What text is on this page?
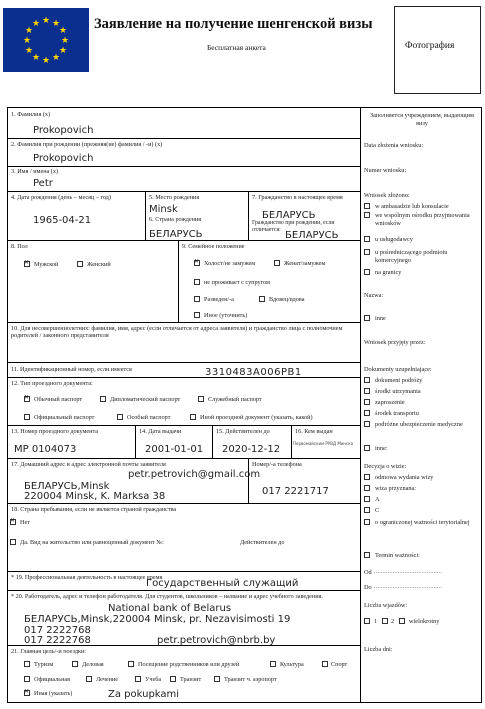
★ ★
★
★
★
★
★
★
★
★
★
★	Заявление на получение шенгенской визы
Бесплатная анкета	Фотография
1. Фамилия (x)
Prokopovich
2. Фамилия при рождении (прежняя(ие) фамилия / -и) (x)
Prokopovich
3. Имя / имена (x)
Petr
4. Дата рождения (день – месяц – год)
1965-04-21
5. Место рождения
Minsk
6. Страна рождения
БЕЛАРУСЬ
7. Гражданство в настоящее время
БЕЛАРУСЬ
Гражданство при рождении, если отличается:
БЕЛАРУСЬ
8. Пол
✕
Мужской	Женский
9. Семейное положение
✕
Холост/не замужем	Женат/замужем
не проживает с супругом
Разведен/-а	Вдовец/вдова
Иное (уточнить)
10. Для несовершеннолетних: фамилия, имя, адрес (если отличается от адреса заявителя) и гражданство лица с полномочием родителей / законного представителя
11. Идентификационный номер, если имеется	3310483A006PB1
12. Тип проездного документа:
✕
Обычный паспорт	Дипломатический паспорт	Служебный паспорт
Официальный паспорт	Особый паспорт	Иной проездной документ (указать, какой)
13. Номер проездного документа
MP 0104073
14. Дата выдачи
2001-01-01
15. Действителен до
2020-12-12
16. Кем выдан
Первомайским РУВД Минска
17. Домашний адрес и адрес электронной почты заявителя
petr.petrovich@gmail.com
БЕЛАРУСЬ,Minsk
220004 Minsk, K. Marksa 38
Номер/-а телефона
017 2221717
18. Страна пребывания, если не является страной гражданства
✕
Нет
Да. Вид на жительство или равноценный документ №:	Действителен до
* 19. Профессиональная деятельность в настоящее время
Государственный служащий
* 20. Работодатель, адрес и телефон работодателя. Для студентов, школьников – название и адрес учебного заведения.
National bank of Belarus
БЕЛАРУСЬ,Minsk,220004 Minsk, pr. Nezavisimosti 19
017 2222768
017 2222768	petr.petrovich@nbrb.by
21. Главная цель/-и поездки:
Туризм	Деловая	Посещение родственников или друзей	Культура	Спорт
Официальная	Лечение	Учеба	Транзит	Транзит ч. аэропорт
✕
Иная (указать)	Za pokupkami
Заполняется учреждением, выдающим визу
Data złożenia wniosku:
Numer wniosku:
Wniosek złożono:
w ambasadzie lub konsulacie
we wspólnym ośrodku przyjmowania wniosków
u usługodawcy
u pośrednicza̜cego podmiotu komercyjnego
na granicy
Nazwa:
inne
Wniosek przyjęty przez:
Dokumenty uzupełniaja̜ce:
dokument podróży
środki utrzymania
zaproszenie
środek transportu
podróżne ubezpieczenie medyczne
inne:
Decyzja o wizie:
odmowa wydania wizy
wiza przyznana:
A
C
o ograniczonej ważności terytorialnej
Termin ważności:
Od ........................................
Do ........................................
Liczba wjazdów:
1 2 wielokrotny
Liczba dni:
